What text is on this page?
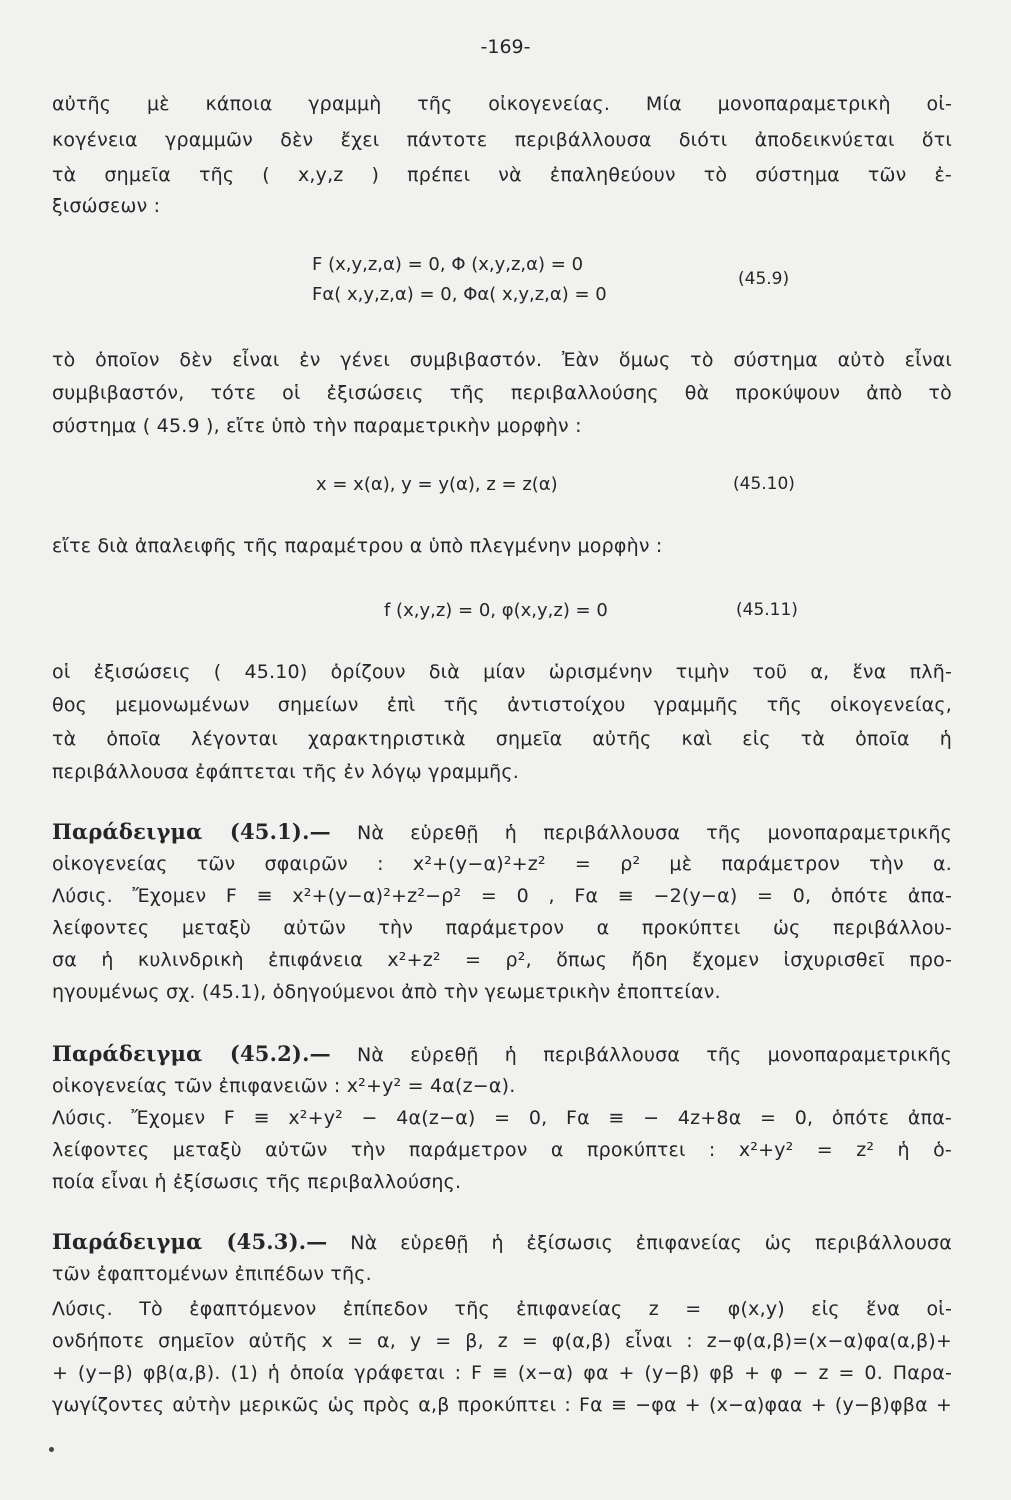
-169-
αὐτῆς μὲ κάποια γραμμὴ τῆς οἰκογενείας. Μία μονοπαραμετρικὴ οἰ-
κογένεια γραμμῶν δὲν ἔχει πάντοτε περιβάλλουσα διότι ἀποδεικνύεται ὅτι
τὰ σημεῖα τῆς ( x,y,z ) πρέπει νὰ ἐπαληθεύουν τὸ σύστημα τῶν ἐ-
ξισώσεων :
F (x,y,z,α) = 0, Φ (x,y,z,α) = 0
Fα( x,y,z,α) = 0, Φα( x,y,z,α) = 0
(45.9)
τὸ ὁποῖον δὲν εἶναι ἐν γένει συμβιβαστόν. Ἐὰν ὅμως τὸ σύστημα αὐτὸ εἶναι
συμβιβαστόν, τότε οἱ ἐξισώσεις τῆς περιβαλλούσης θὰ προκύψουν ἀπὸ τὸ
σύστημα ( 45.9 ), εἴτε ὑπὸ τὴν παραμετρικὴν μορφὴν :
x = x(α), y = y(α), z = z(α)	(45.10)
εἴτε διὰ ἀπαλειφῆς τῆς παραμέτρου α ὑπὸ πλεγμένην μορφὴν :
f (x,y,z) = 0, φ(x,y,z) = 0	(45.11)
οἱ ἐξισώσεις ( 45.10) ὁρίζουν διὰ μίαν ὡρισμένην τιμὴν τοῦ α, ἕνα πλῆ-
θος μεμονωμένων σημείων ἐπὶ τῆς ἀντιστοίχου γραμμῆς τῆς οἰκογενείας,
τὰ ὁποῖα λέγονται χαρακτηριστικὰ σημεῖα αὐτῆς καὶ εἰς τὰ ὁποῖα ἡ
περιβάλλουσα ἐφάπτεται τῆς ἐν λόγῳ γραμμῆς.
Παράδειγμα (45.1).— Νὰ εὑρεθῇ ἡ περιβάλλουσα τῆς μονοπαραμετρικῆς
οἰκογενείας τῶν σφαιρῶν : x²+(y−α)²+z² = ρ² μὲ παράμετρον τὴν α.
Λύσις. Ἔχομεν F ≡ x²+(y−α)²+z²−ρ² = 0 , Fα ≡ −2(y−α) = 0, ὁπότε ἀπα-
λείφοντες μεταξὺ αὐτῶν τὴν παράμετρον α προκύπτει ὡς περιβάλλου-
σα ἡ κυλινδρικὴ ἐπιφάνεια x²+z² = ρ², ὅπως ἤδη ἔχομεν ἰσχυρισθεῖ προ-
ηγουμένως σχ. (45.1), ὁδηγούμενοι ἀπὸ τὴν γεωμετρικὴν ἐποπτείαν.
Παράδειγμα (45.2).— Νὰ εὑρεθῇ ἡ περιβάλλουσα τῆς μονοπαραμετρικῆς
οἰκογενείας τῶν ἐπιφανειῶν : x²+y² = 4α(z−α).
Λύσις. Ἔχομεν F ≡ x²+y² − 4α(z−α) = 0, Fα ≡ − 4z+8α = 0, ὁπότε ἀπα-
λείφοντες μεταξὺ αὐτῶν τὴν παράμετρον α προκύπτει : x²+y² = z² ἡ ὁ-
ποία εἶναι ἡ ἐξίσωσις τῆς περιβαλλούσης.
Παράδειγμα (45.3).— Νὰ εὑρεθῇ ἡ ἐξίσωσις ἐπιφανείας ὡς περιβάλλουσα
τῶν ἐφαπτομένων ἐπιπέδων τῆς.
Λύσις. Τὸ ἐφαπτόμενον ἐπίπεδον τῆς ἐπιφανείας z = φ(x,y) εἰς ἕνα οἱ-
ονδήποτε σημεῖον αὐτῆς x = α, y = β, z = φ(α,β) εἶναι : z−φ(α,β)=(x−α)φα(α,β)+
+ (y−β) φβ(α,β). (1) ἡ ὁποία γράφεται : F ≡ (x−α) φα + (y−β) φβ + φ − z = 0. Παρα-
γωγίζοντες αὐτὴν μερικῶς ὡς πρὸς α,β προκύπτει : Fα ≡ −φα + (x−α)φαα + (y−β)φβα +
